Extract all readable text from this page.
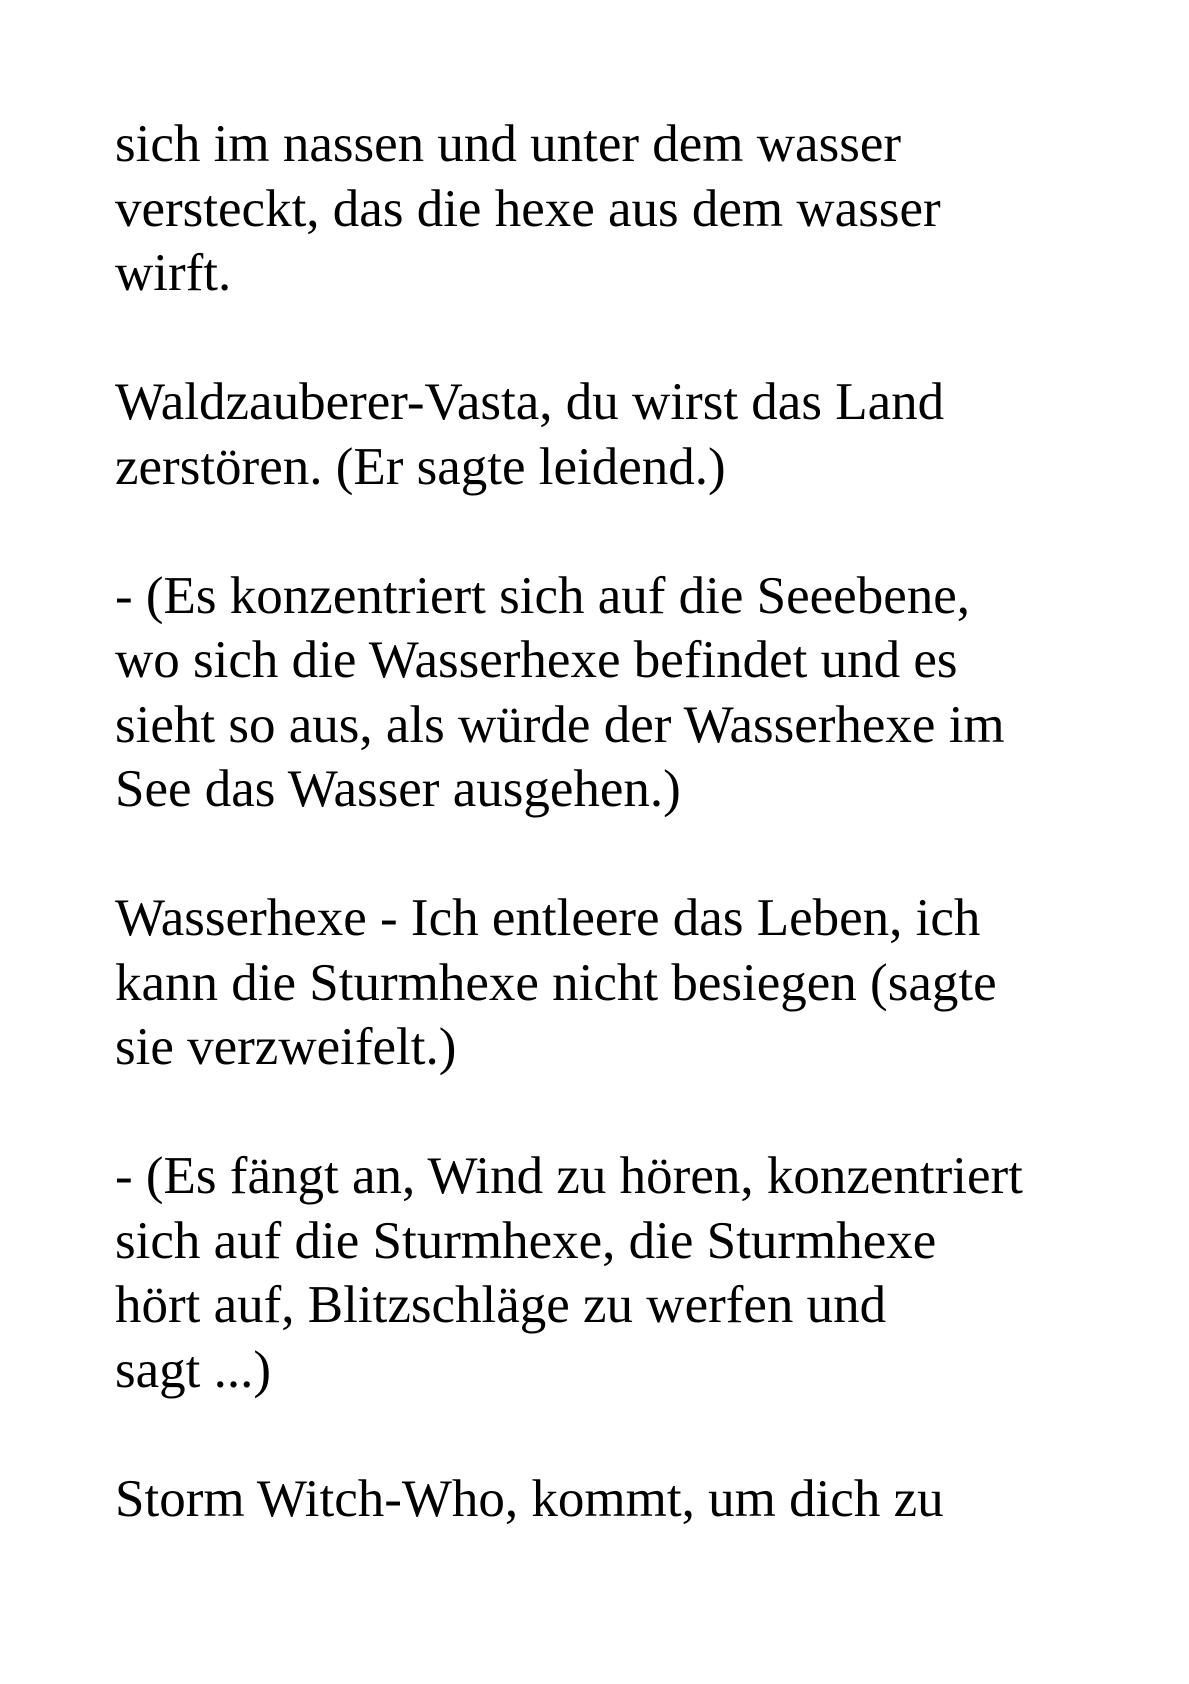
sich im nassen und unter dem wasser
versteckt, das die hexe aus dem wasser
wirft.

Waldzauberer-Vasta, du wirst das Land
zerstören. (Er sagte leidend.)

- (Es konzentriert sich auf die Seeebene,
wo sich die Wasserhexe befindet und es
sieht so aus, als würde der Wasserhexe im
See das Wasser ausgehen.)

Wasserhexe - Ich entleere das Leben, ich
kann die Sturmhexe nicht besiegen (sagte
sie verzweifelt.)

- (Es fängt an, Wind zu hören, konzentriert
sich auf die Sturmhexe, die Sturmhexe
hört auf, Blitzschläge zu werfen und
sagt ...)

Storm Witch-Who, kommt, um dich zu
